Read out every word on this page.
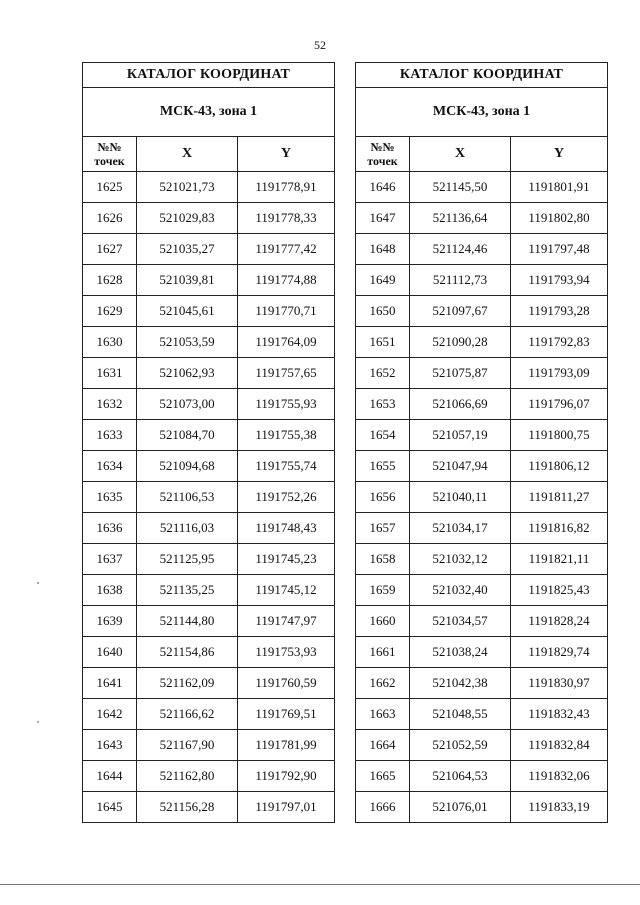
52
КАТАЛОГ КООРДИНАТ		
МСК-43, зона 1		
№№ точек	X	Y
1625	521021,73	1191778,91
1626	521029,83	1191778,33
1627	521035,27	1191777,42
1628	521039,81	1191774,88
1629	521045,61	1191770,71
1630	521053,59	1191764,09
1631	521062,93	1191757,65
1632	521073,00	1191755,93
1633	521084,70	1191755,38
1634	521094,68	1191755,74
1635	521106,53	1191752,26
1636	521116,03	1191748,43
1637	521125,95	1191745,23
1638	521135,25	1191745,12
1639	521144,80	1191747,97
1640	521154,86	1191753,93
1641	521162,09	1191760,59
1642	521166,62	1191769,51
1643	521167,90	1191781,99
1644	521162,80	1191792,90
1645	521156,28	1191797,01
КАТАЛОГ КООРДИНАТ		
МСК-43, зона 1		
№№ точек	X	Y
1646	521145,50	1191801,91
1647	521136,64	1191802,80
1648	521124,46	1191797,48
1649	521112,73	1191793,94
1650	521097,67	1191793,28
1651	521090,28	1191792,83
1652	521075,87	1191793,09
1653	521066,69	1191796,07
1654	521057,19	1191800,75
1655	521047,94	1191806,12
1656	521040,11	1191811,27
1657	521034,17	1191816,82
1658	521032,12	1191821,11
1659	521032,40	1191825,43
1660	521034,57	1191828,24
1661	521038,24	1191829,74
1662	521042,38	1191830,97
1663	521048,55	1191832,43
1664	521052,59	1191832,84
1665	521064,53	1191832,06
1666	521076,01	1191833,19
